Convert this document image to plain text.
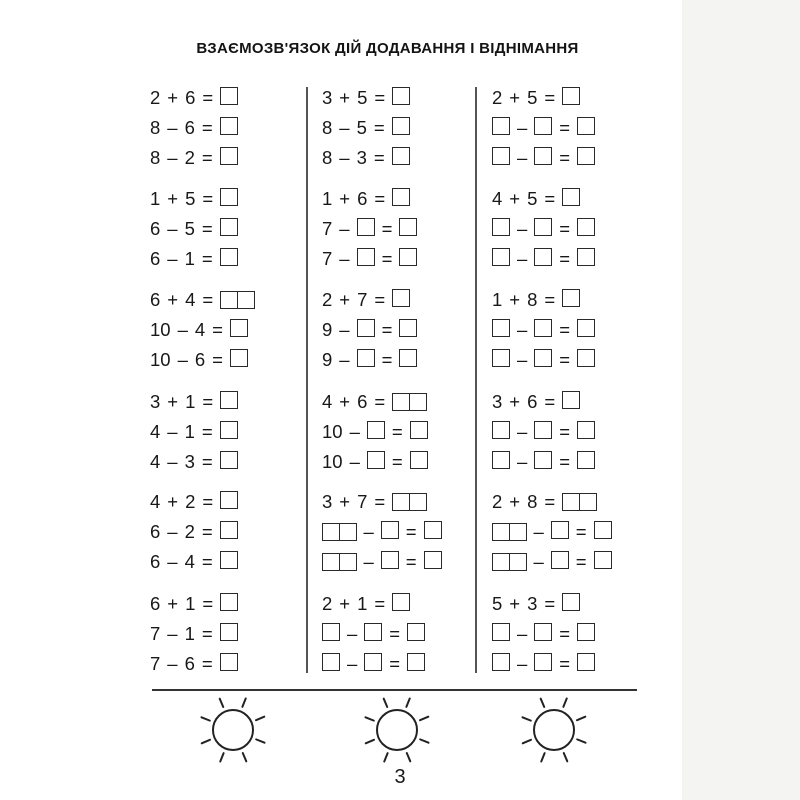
ВЗАЄМОЗВ'ЯЗОК ДІЙ ДОДАВАННЯ І ВІДНІМАННЯ
2 + 6 =
8 – 6 =
8 – 2 =
1 + 5 =
6 – 5 =
6 – 1 =
6 + 4 =
10 – 4 =
10 – 6 =
3 + 1 =
4 – 1 =
4 – 3 =
4 + 2 =
6 – 2 =
6 – 4 =
6 + 1 =
7 – 1 =
7 – 6 =
3 + 5 =
8 – 5 =
8 – 3 =
1 + 6 =
7 – =
7 – =
2 + 7 =
9 – =
9 – =
4 + 6 =
10 – =
10 – =
3 + 7 =
– =
– =
2 + 1 =
– =
– =
2 + 5 =
– =
– =
4 + 5 =
– =
– =
1 + 8 =
– =
– =
3 + 6 =
– =
– =
2 + 8 =
– =
– =
5 + 3 =
– =
– =
3
